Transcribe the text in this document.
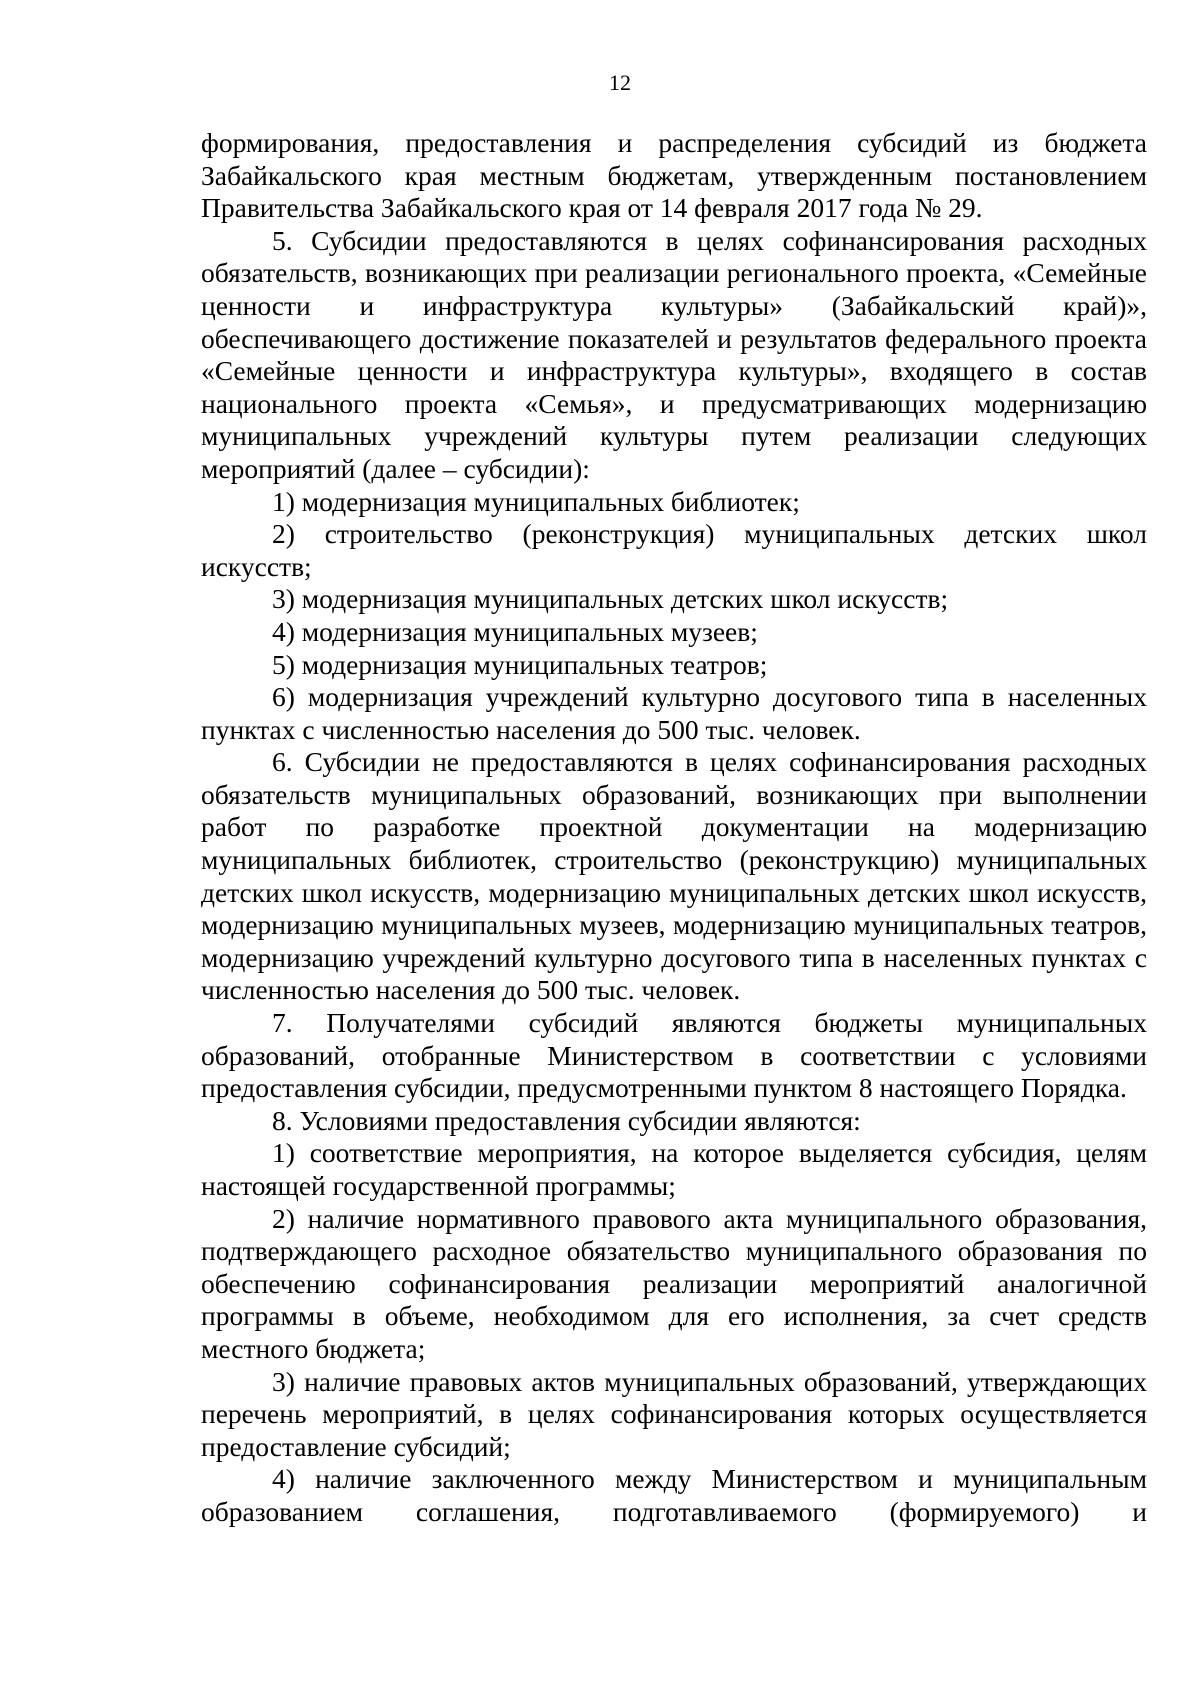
12

формирования, предоставления и распределения субсидий из бюджета Забайкальского края местным бюджетам, утвержденным постановлением Правительства Забайкальского края от 14 февраля 2017 года № 29.

5. Субсидии предоставляются в целях софинансирования расходных обязательств, возникающих при реализации регионального проекта, «Семейные ценности и инфраструктура культуры» (Забайкальский край)», обеспечивающего достижение показателей и результатов федерального проекта «Семейные ценности и инфраструктура культуры», входящего в состав национального проекта «Семья», и предусматривающих модернизацию муниципальных учреждений культуры путем реализации следующих мероприятий (далее – субсидии):

1) модернизация муниципальных библиотек;

2) строительство (реконструкция) муниципальных детских школ искусств;

3) модернизация муниципальных детских школ искусств;

4) модернизация муниципальных музеев;

5) модернизация муниципальных театров;

6) модернизация учреждений культурно досугового типа в населенных пунктах с численностью населения до 500 тыс. человек.

6. Субсидии не предоставляются в целях софинансирования расходных обязательств муниципальных образований, возникающих при выполнении работ по разработке проектной документации на модернизацию муниципальных библиотек, строительство (реконструкцию) муниципальных детских школ искусств, модернизацию муниципальных детских школ искусств, модернизацию муниципальных музеев, модернизацию муниципальных театров, модернизацию учреждений культурно досугового типа в населенных пунктах с численностью населения до 500 тыс. человек.

7. Получателями субсидий являются бюджеты муниципальных образований, отобранные Министерством в соответствии с условиями предоставления субсидии, предусмотренными пунктом 8 настоящего Порядка.

8. Условиями предоставления субсидии являются:

1) соответствие мероприятия, на которое выделяется субсидия, целям настоящей государственной программы;

2) наличие нормативного правового акта муниципального образования, подтверждающего расходное обязательство муниципального образования по обеспечению софинансирования реализации мероприятий аналогичной программы в объеме, необходимом для его исполнения, за счет средств местного бюджета;

3) наличие правовых актов муниципальных образований, утверждающих перечень мероприятий, в целях софинансирования которых осуществляется предоставление субсидий;

4) наличие заключенного между Министерством и муниципальным образованием соглашения, подготавливаемого (формируемого) и
